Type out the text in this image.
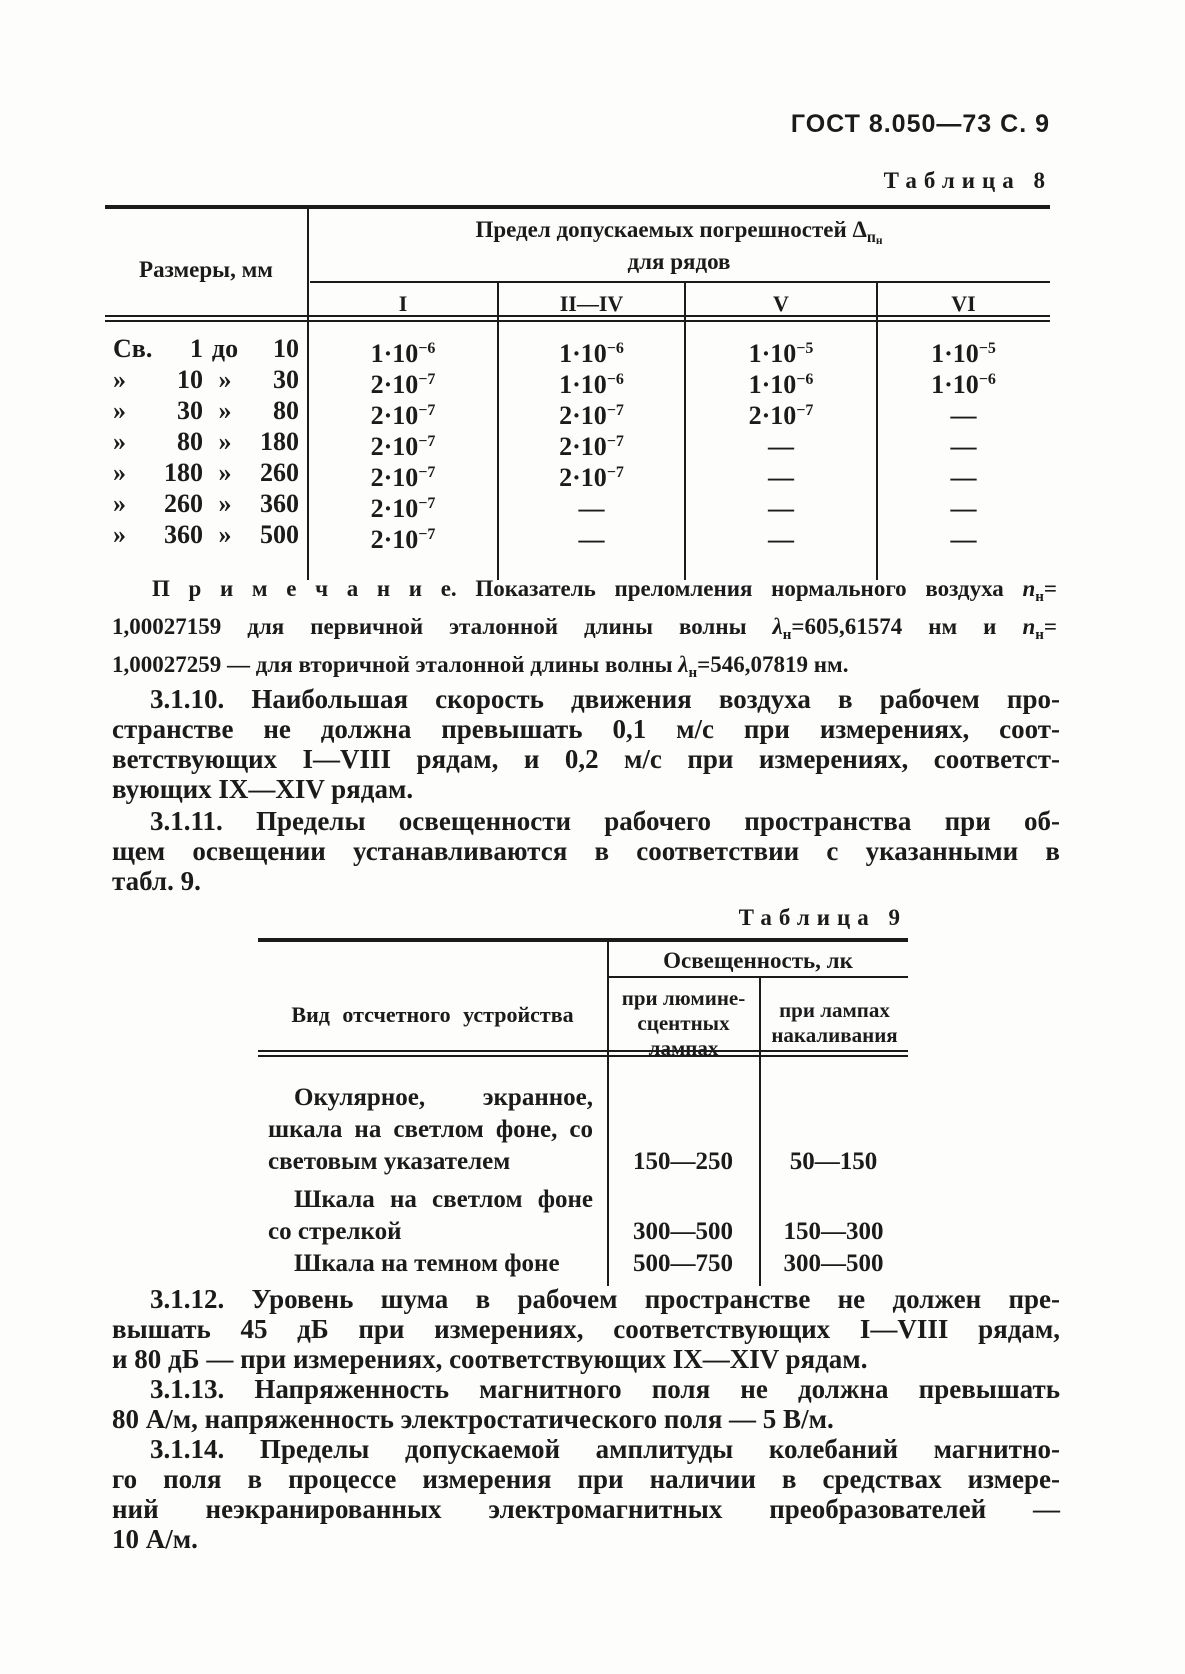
ГОСТ 8.050—73 С. 9
Таблица 8
Размеры, мм
Предел допускаемых погрешностей $\Delta_{пн}$
для рядов
I	II—IV	V	VI
Св.	1 до	10	$1\cdot 10^{-6}$	$1\cdot 10^{-6}$	$1\cdot 10^{-5}$	$1\cdot 10^{-5}$
»	10 »	30	$2\cdot 10^{-7}$	$1\cdot 10^{-6}$	$1\cdot 10^{-6}$	$1\cdot 10^{-6}$
»	30 »	80	$2\cdot 10^{-7}$	$2\cdot 10^{-7}$	$2\cdot 10^{-7}$	—
»	80 »	180	$2\cdot 10^{-7}$	$2\cdot 10^{-7}$	—	—
»	180 »	260	$2\cdot 10^{-7}$	$2\cdot 10^{-7}$	—	—
»	260 »	360	$2\cdot 10^{-7}$	—	—	—
»	360 »	500	$2\cdot 10^{-7}$	—	—	—
П р и м е ч а н и е. Показатель преломления нормального воздуха $n_н=$
1,00027159 для первичной эталонной длины волны $\lambda_н=605,61574$ нм и $n_н=$
1,00027259 — для вторичной эталонной длины волны $\lambda_н=546,07819$ нм.
3.1.10. Наибольшая скорость движения воздуха в рабочем про-
странстве не должна превышать 0,1 м/с при измерениях, соот-
ветствующих I—VIII рядам, и 0,2 м/с при измерениях, соответст-
вующих IX—XIV рядам.
3.1.11. Пределы освещенности рабочего пространства при об-
щем освещении устанавливаются в соответствии с указанными в
табл. 9.
Таблица 9
Освещенность, лк
при люмине-
сцентных
лампах
при лампах
накаливания
Вид отсчетного устройства
Окулярное, экранное,
шкала на светлом фоне, со
световым указателем	150—250	50—150
Шкала на светлом фоне
со стрелкой	300—500	150—300
Шкала на темном фоне	500—750	300—500
3.1.12. Уровень шума в рабочем пространстве не должен пре-
вышать 45 дБ при измерениях, соответствующих I—VIII рядам,
и 80 дБ — при измерениях, соответствующих IX—XIV рядам.
3.1.13. Напряженность магнитного поля не должна превышать
80 А/м, напряженность электростатического поля — 5 В/м.
3.1.14. Пределы допускаемой амплитуды колебаний магнитно-
го поля в процессе измерения при наличии в средствах измере-
ний неэкранированных электромагнитных преобразователей —
10 А/м.
